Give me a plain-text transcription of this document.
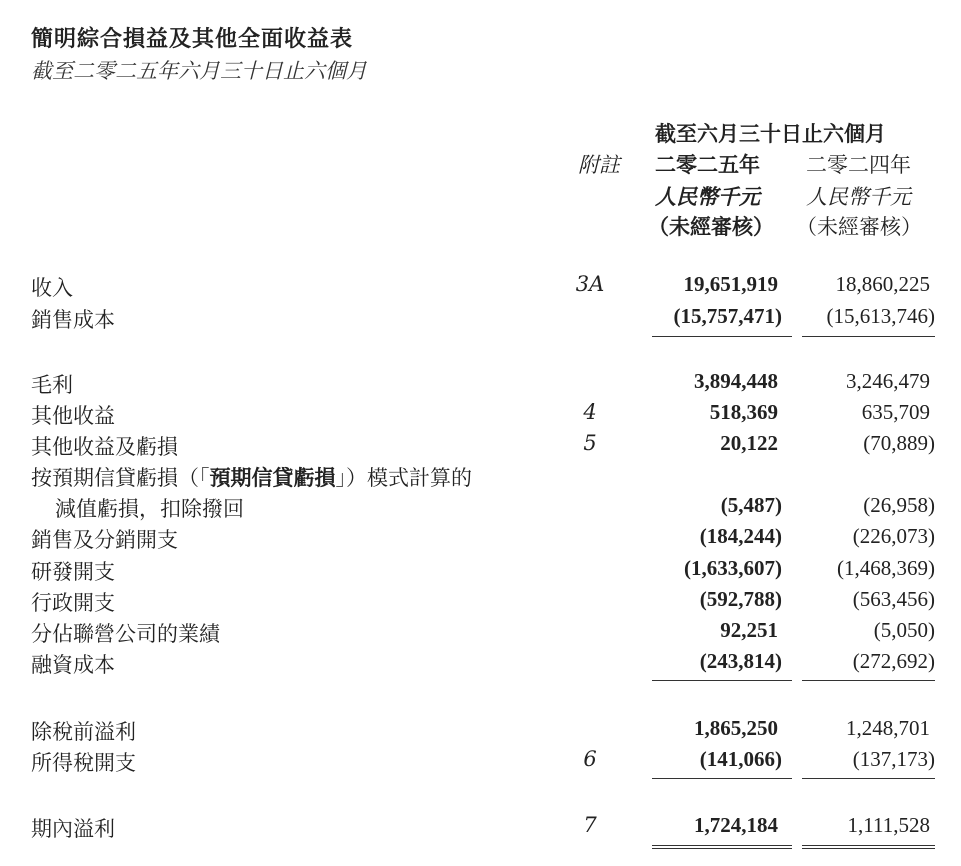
簡明綜合損益及其他全面收益表
截至二零二五年六月三十日止六個月
截至六月三十日止六個月
附註 二零二五年 二零二四年
人民幣千元 人民幣千元
（未經審核） （未經審核）
收入	3A	19,651,919	18,860,225
銷售成本	(15,757,471) (15,613,746)
毛利	3,894,448	3,246,479
其他收益	4	518,369	635,709
其他收益及虧損	5	20,122	(70,889)
按預期信貸虧損（「預期信貸虧損」）模式計算的
減值虧損，扣除撥回	(5,487)	(26,958)
銷售及分銷開支	(184,244)	(226,073)
研發開支	(1,633,607)	(1,468,369)
行政開支	(592,788)	(563,456)
分佔聯營公司的業績	92,251	(5,050)
融資成本	(243,814)	(272,692)
除稅前溢利	1,865,250	1,248,701
所得稅開支	6	(141,066)	(137,173)
期內溢利	7	1,724,184	1,111,528
